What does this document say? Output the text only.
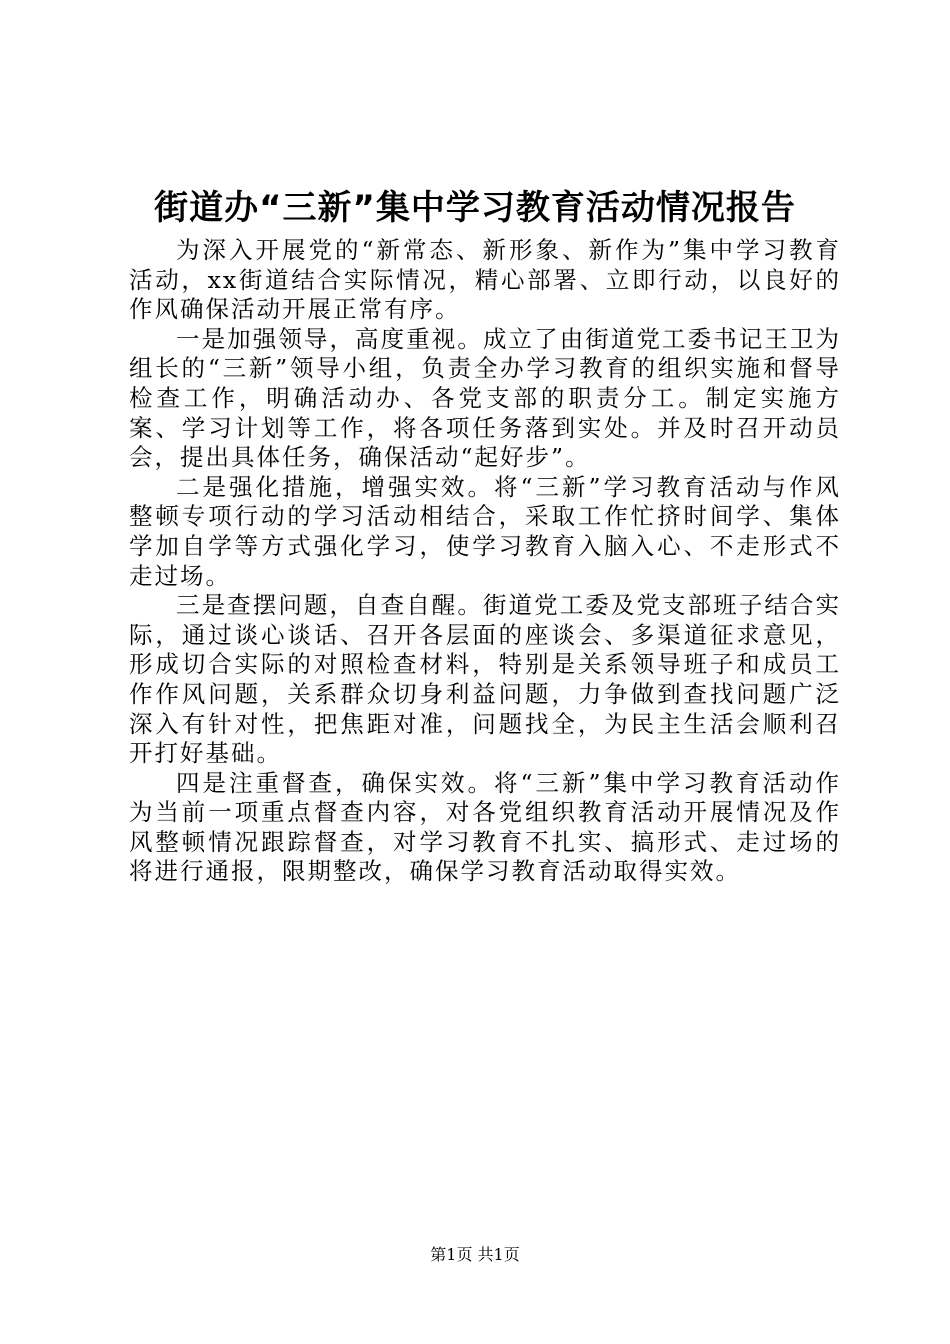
街道办“三新”集中学习教育活动情况报告

为深入开展党的“新常态、新形象、新作为”集中学习教育活动，xx街道结合实际情况，精心部署、立即行动，以良好的作风确保活动开展正常有序。

一是加强领导，高度重视。成立了由街道党工委书记王卫为组长的“三新”领导小组，负责全办学习教育的组织实施和督导检查工作，明确活动办、各党支部的职责分工。制定实施方案、学习计划等工作，将各项任务落到实处。并及时召开动员会，提出具体任务，确保活动“起好步”。

二是强化措施，增强实效。将“三新”学习教育活动与作风整顿专项行动的学习活动相结合，采取工作忙挤时间学、集体学加自学等方式强化学习，使学习教育入脑入心、不走形式不走过场。

三是查摆问题，自查自醒。街道党工委及党支部班子结合实际，通过谈心谈话、召开各层面的座谈会、多渠道征求意见，形成切合实际的对照检查材料，特别是关系领导班子和成员工作作风问题，关系群众切身利益问题，力争做到查找问题广泛深入有针对性，把焦距对准，问题找全，为民主生活会顺利召开打好基础。

四是注重督查，确保实效。将“三新”集中学习教育活动作为当前一项重点督查内容，对各党组织教育活动开展情况及作风整顿情况跟踪督查，对学习教育不扎实、搞形式、走过场的将进行通报，限期整改，确保学习教育活动取得实效。

第1页 共1页
